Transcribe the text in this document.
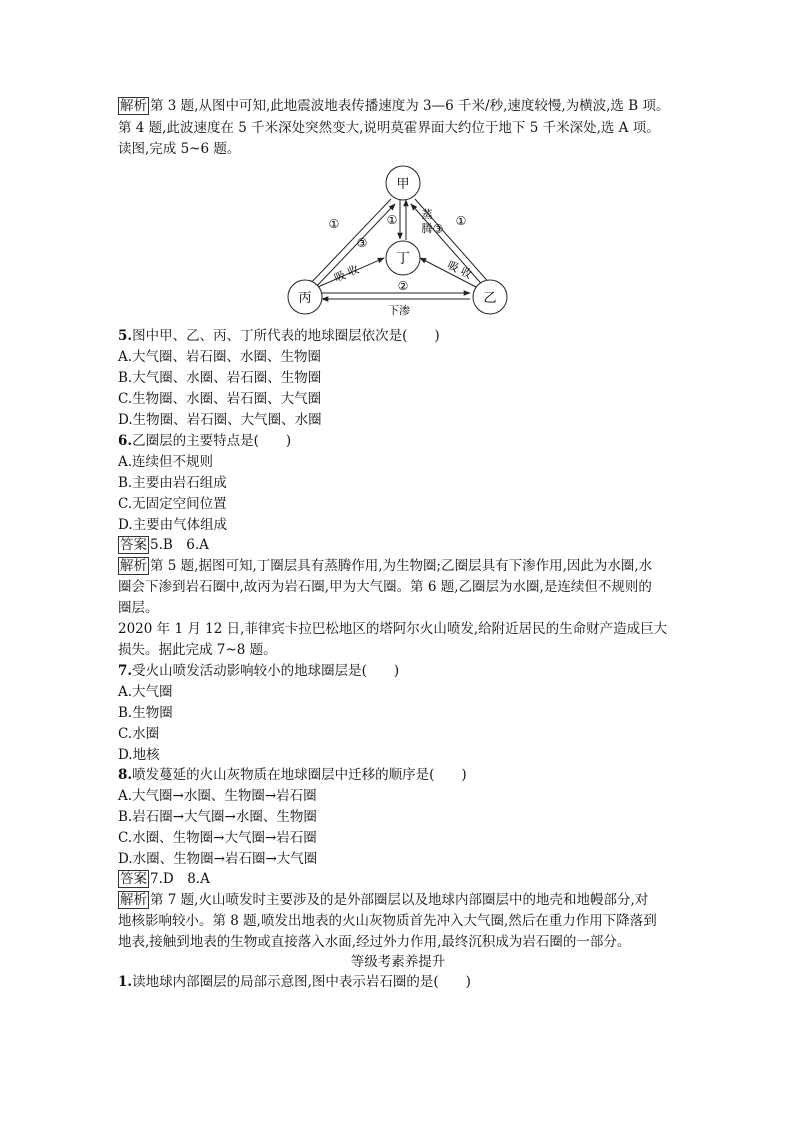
解析 第 3 题,从图中可知,此地震波地表传播速度为 3—6 千米/秒,速度较慢,为横波,选 B 项。
第 4 题,此波速度在 5 千米深处突然变大,说明莫霍界面大约位于地下 5 千米深处,选 A 项。
读图,完成 5~6 题。
5.图中甲、乙、丙、丁所代表的地球圈层依次是(　　)
A.大气圈、岩石圈、水圈、生物圈
B.大气圈、水圈、岩石圈、生物圈
C.生物圈、水圈、岩石圈、大气圈
D.生物圈、岩石圈、大气圈、水圈
6.乙圈层的主要特点是(　　)
A.连续但不规则
B.主要由岩石组成
C.无固定空间位置
D.主要由气体组成
答案 5.B　6.A
解析 第 5 题,据图可知,丁圈层具有蒸腾作用,为生物圈;乙圈层具有下渗作用,因此为水圈,水
圈会下渗到岩石圈中,故丙为岩石圈,甲为大气圈。第 6 题,乙圈层为水圈,是连续但不规则的
圈层。
2020 年 1 月 12 日,菲律宾卡拉巴松地区的塔阿尔火山喷发,给附近居民的生命财产造成巨大
损失。据此完成 7~8 题。
7.受火山喷发活动影响较小的地球圈层是(　　)
A.大气圈
B.生物圈
C.水圈
D.地核
8.喷发蔓延的火山灰物质在地球圈层中迁移的顺序是(　　)
A.大气圈→水圈、生物圈→岩石圈
B.岩石圈→大气圈→水圈、生物圈
C.水圈、生物圈→大气圈→岩石圈
D.水圈、生物圈→岩石圈→大气圈
答案 7.D　8.A
解析 第 7 题,火山喷发时主要涉及的是外部圈层以及地球内部圈层中的地壳和地幔部分,对
地核影响较小。第 8 题,喷发出地表的火山灰物质首先冲入大气圈,然后在重力作用下降落到
地表,接触到地表的生物或直接落入水面,经过外力作用,最终沉积成为岩石圈的一部分。
等级考素养提升
1.读地球内部圈层的局部示意图,图中表示岩石圈的是(　　)
甲
丁
丙	乙
①
③
①	①
③
②
蒸
腾
吸 收	吸 收
下渗
